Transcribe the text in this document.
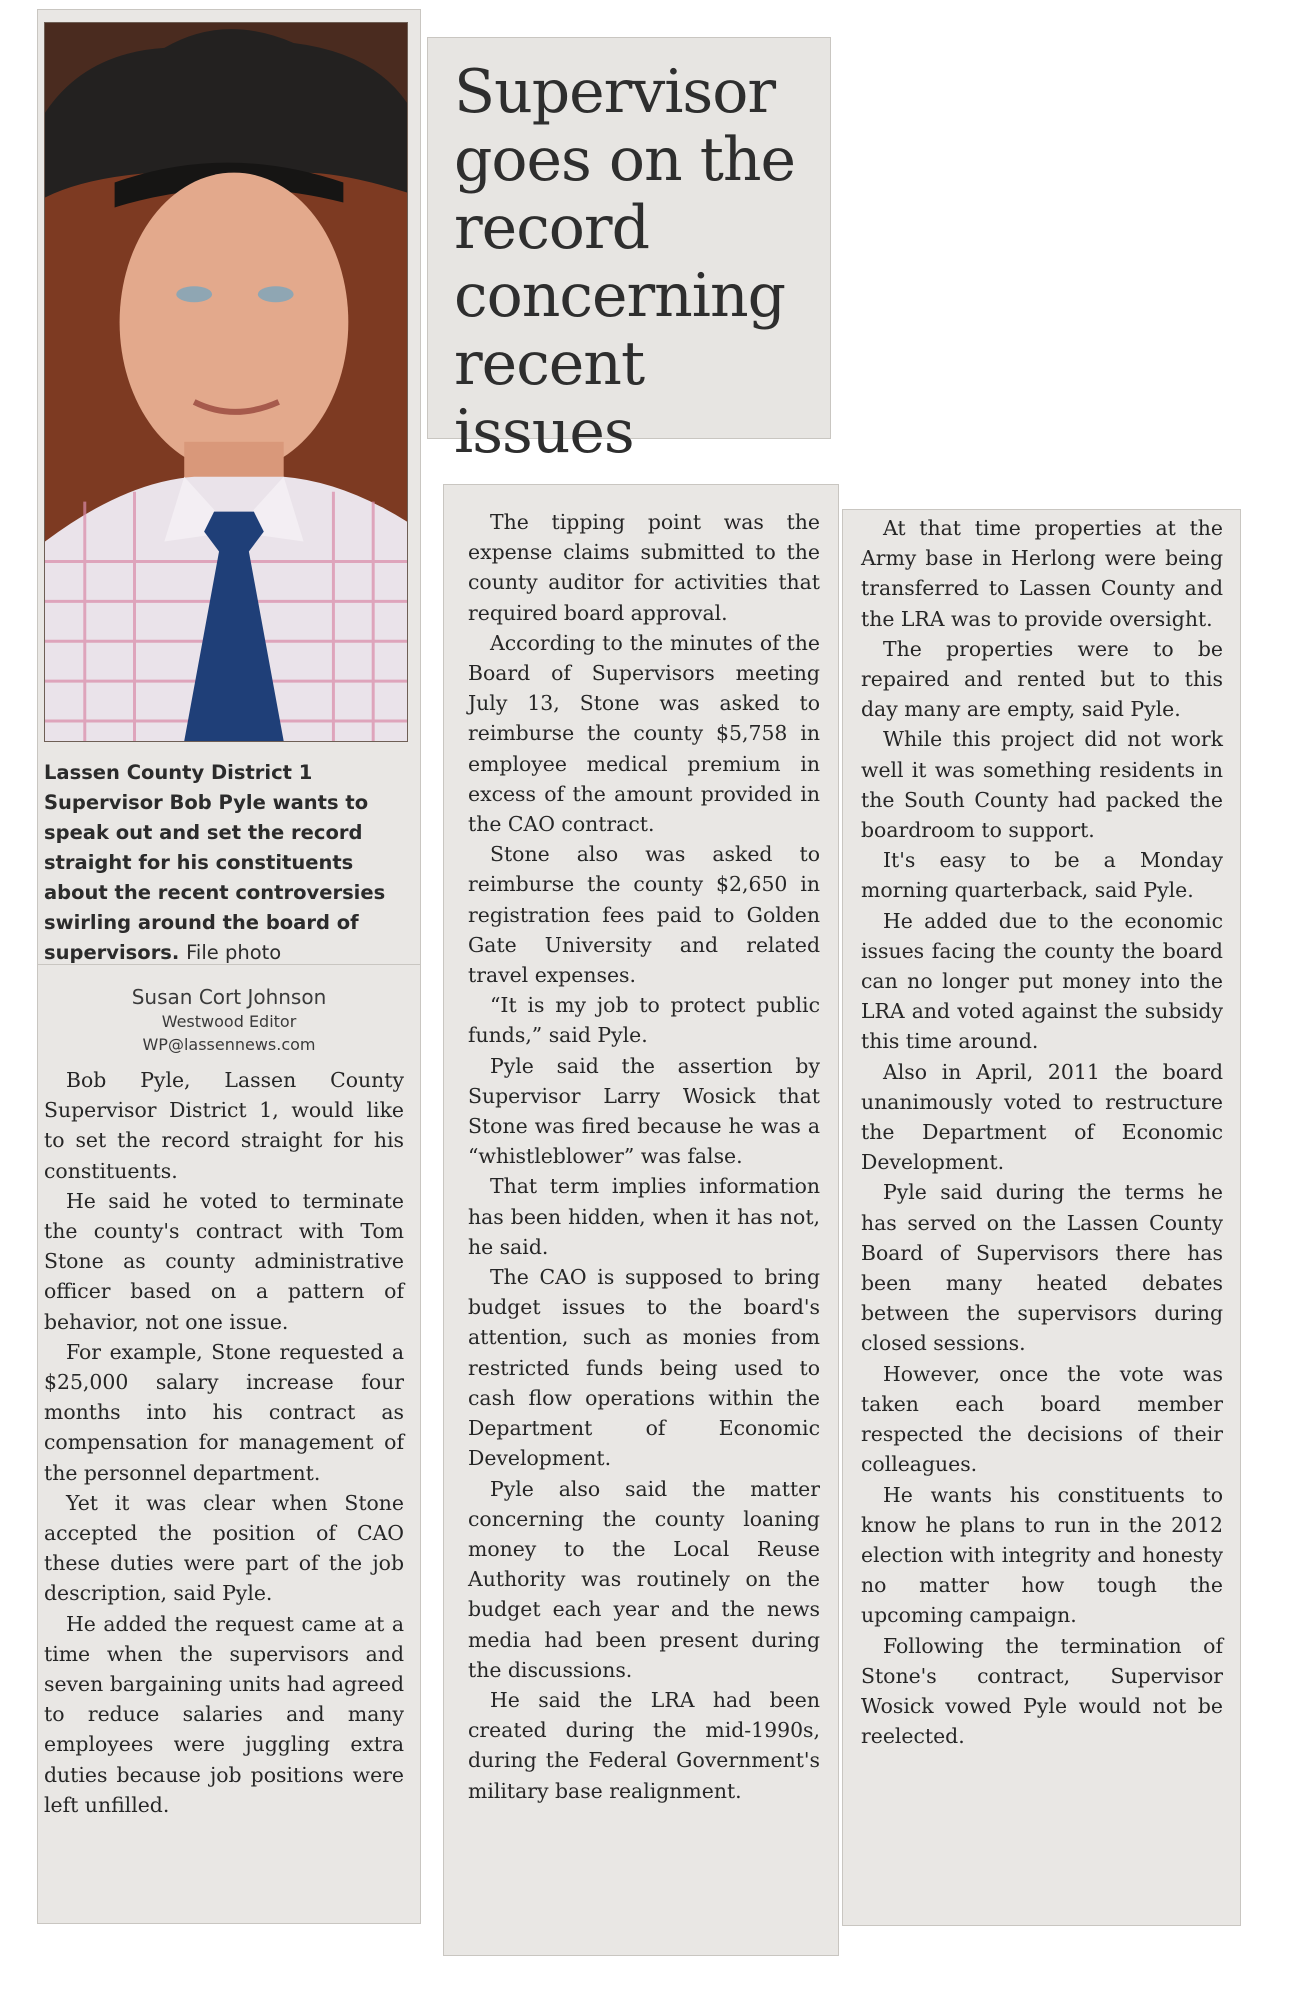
Lassen County District 1 Supervisor Bob Pyle wants to speak out and set the record straight for his constituents about the recent controversies swirling around the board of supervisors. File photo

Supervisor goes on the record concerning recent issues
Susan Cort Johnson
Westwood Editor
WP@lassennews.com

Bob Pyle, Lassen County Supervisor District 1, would like to set the record straight for his constituents.

He said he voted to terminate the county's contract with Tom Stone as county administrative officer based on a pattern of behavior, not one issue.

For example, Stone requested a $25,000 salary increase four months into his contract as compensation for management of the personnel department.

Yet it was clear when Stone accepted the position of CAO these duties were part of the job description, said Pyle.

He added the request came at a time when the supervisors and seven bargaining units had agreed to reduce salaries and many employees were juggling extra duties because job positions were left unfilled.

The tipping point was the expense claims submitted to the county auditor for activities that required board approval.

According to the minutes of the Board of Supervisors meeting July 13, Stone was asked to reimburse the county $5,758 in employee medical premium in excess of the amount provided in the CAO contract.

Stone also was asked to reimburse the county $2,650 in registration fees paid to Golden Gate University and related travel expenses.

“It is my job to protect public funds,” said Pyle.

Pyle said the assertion by Supervisor Larry Wosick that Stone was fired because he was a “whistleblower” was false.

That term implies information has been hidden, when it has not, he said.

The CAO is supposed to bring budget issues to the board's attention, such as monies from restricted funds being used to cash flow operations within the Department of Economic Development.

Pyle also said the matter concerning the county loaning money to the Local Reuse Authority was routinely on the budget each year and the news media had been present during the discussions.

He said the LRA had been created during the mid-1990s, during the Federal Government's military base realignment.

At that time properties at the Army base in Herlong were being transferred to Lassen County and the LRA was to provide oversight.

The properties were to be repaired and rented but to this day many are empty, said Pyle.

While this project did not work well it was something residents in the South County had packed the boardroom to support.

It's easy to be a Monday morning quarterback, said Pyle.

He added due to the economic issues facing the county the board can no longer put money into the LRA and voted against the subsidy this time around.

Also in April, 2011 the board unanimously voted to restructure the Department of Economic Development.

Pyle said during the terms he has served on the Lassen County Board of Supervisors there has been many heated debates between the supervisors during closed sessions.

However, once the vote was taken each board member respected the decisions of their colleagues.

He wants his constituents to know he plans to run in the 2012 election with integrity and honesty no matter how tough the upcoming campaign.

Following the termination of Stone's contract, Supervisor Wosick vowed Pyle would not be reelected.
